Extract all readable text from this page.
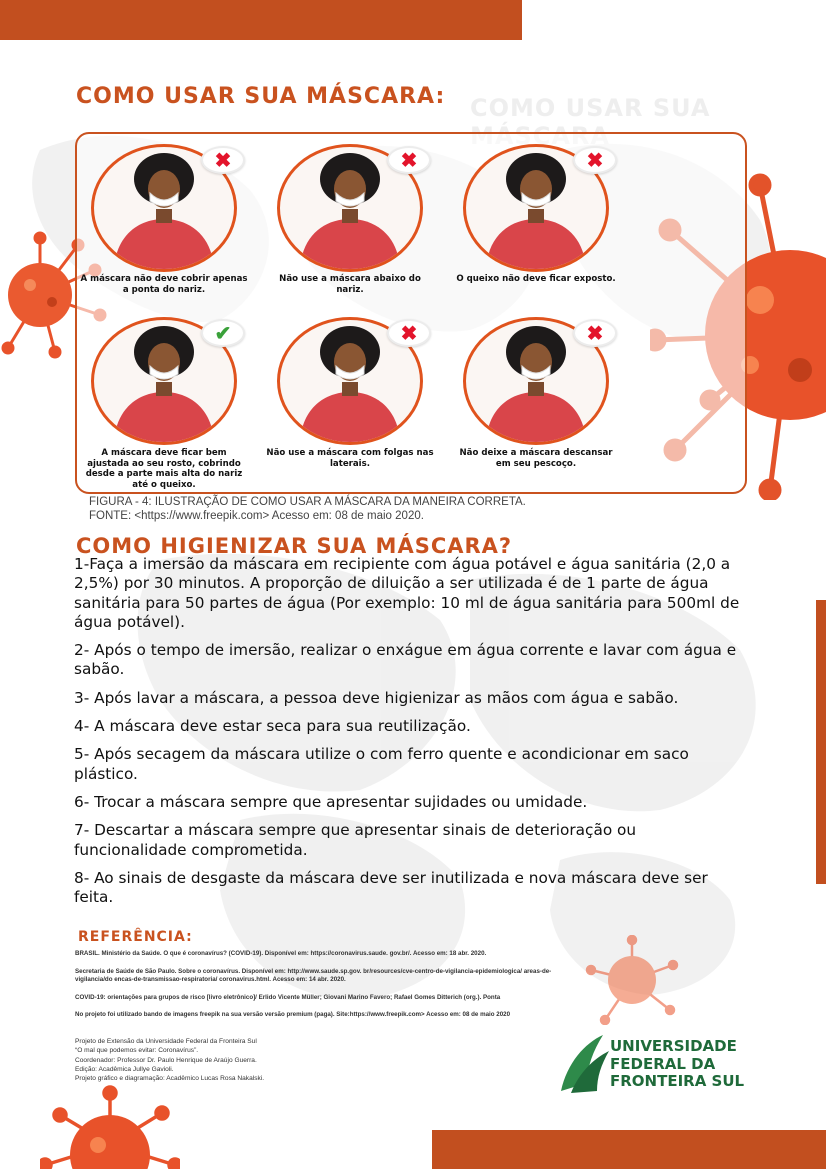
COMO USAR SUA
COMO USAR SUA MÁSCARA:
✖
A máscara não deve cobrir apenas a ponta do nariz.
✖
Não use a máscara abaixo do nariz.
✖
O queixo não deve ficar exposto.
✔
A máscara deve ficar bem ajustada ao seu rosto, cobrindo desde a parte mais alta do nariz até o queixo.
✖
Não use a máscara com folgas nas laterais.
✖
Não deixe a máscara descansar em seu pescoço.
FIGURA - 4: ILUSTRAÇÃO DE COMO USAR A MÁSCARA DA MANEIRA CORRETA.
FONTE: <https://www.freepik.com> Acesso em: 08 de maio 2020.
COMO HIGIENIZAR SUA MÁSCARA?

1-Faça a imersão da máscara em recipiente com água potável e água sanitária (2,0 a 2,5%) por 30 minutos. A proporção de diluição a ser utilizada é de 1 parte de água sanitária para 50 partes de água (Por exemplo: 10 ml de água sanitária para 500ml de água potável).

2- Após o tempo de imersão, realizar o enxágue em água corrente e lavar com água e sabão.

3- Após lavar a máscara, a pessoa deve higienizar as mãos com água e sabão.

4- A máscara deve estar seca para sua reutilização.

5- Após secagem da máscara utilize o com ferro quente e acondicionar em saco plástico.

6- Trocar a máscara sempre que apresentar sujidades ou umidade.

7- Descartar a máscara sempre que apresentar sinais de deterioração ou funcionalidade comprometida.

8- Ao sinais de desgaste da máscara deve ser inutilizada e nova máscara deve ser feita.

REFERÊNCIA:

BRASIL. Ministério da Saúde. O que é coronavírus? (COVID-19). Disponível em: https://coronavirus.saude. gov.br/. Acesso em: 18 abr. 2020.

Secretaria de Saúde de São Paulo. Sobre o coronavírus. Disponível em: http://www.saude.sp.gov. br/resources/cve-centro-de-vigilancia-epidemiologica/ areas-de-vigilancia/do encas-de-transmissao-respiratoria/ coronavirus.html. Acesso em: 14 abr. 2020.

COVID-19: orientações para grupos de risco [livro eletrônico]/ Erlido Vicente Müller; Giovani Marino Favero; Rafael Gomes Ditterich (org.). Ponta

No projeto foi utilizado bando de imagens freepik na sua versão versão premium (paga). Site:https://www.freepik.com> Acesso em: 08 de maio 2020

Projeto de Extensão da Universidade Federal da Fronteira Sul
“O mal que podemos evitar: Coronavírus”.
Coordenador: Professor Dr. Paulo Henrique de Araújo Guerra.
Edição: Acadêmica Jullye Gavioli.
Projeto gráfico e diagramação: Acadêmico Lucas Rosa Nakalski.
UNIVERSIDADE
FEDERAL DA
FRONTEIRA SUL
